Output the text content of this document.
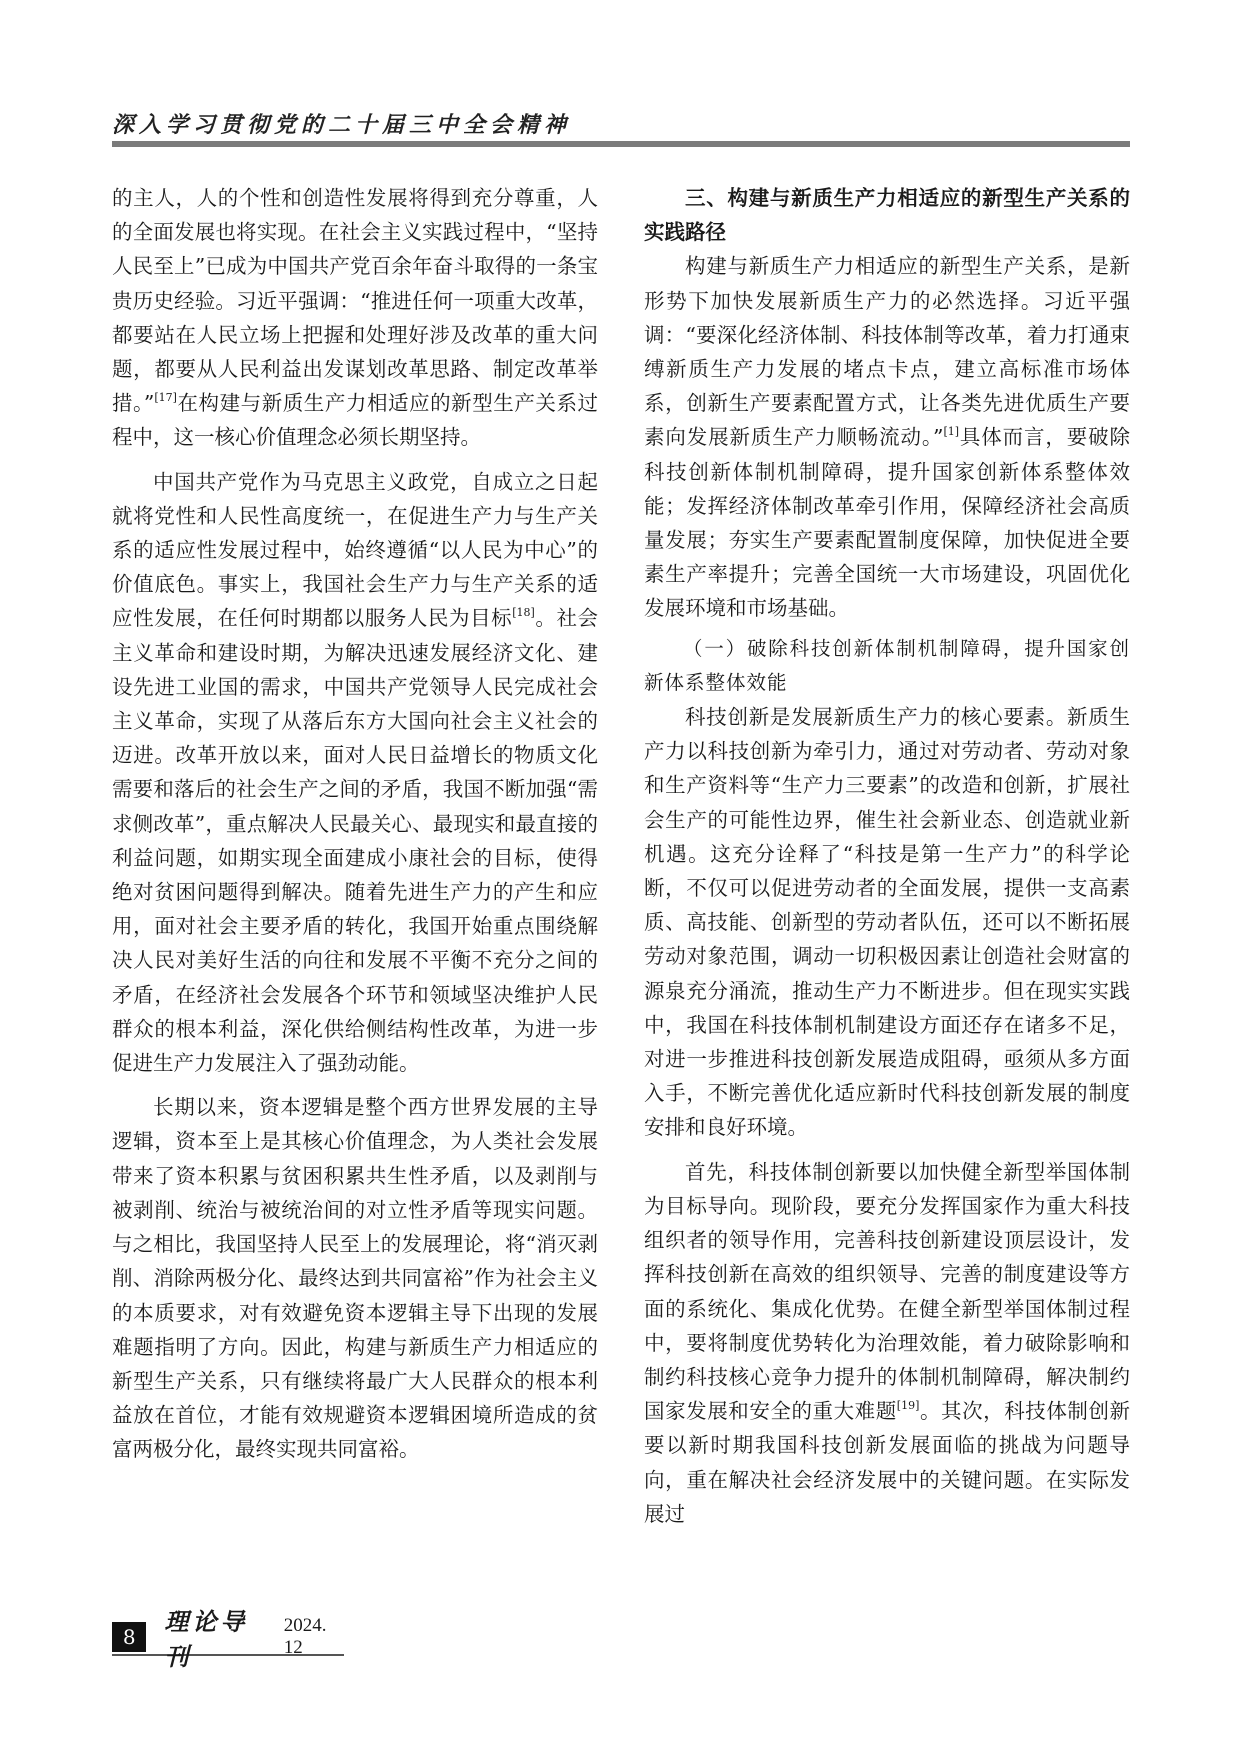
深入学习贯彻党的二十届三中全会精神

的主人，人的个性和创造性发展将得到充分尊重，人的全面发展也将实现。在社会主义实践过程中，“坚持人民至上”已成为中国共产党百余年奋斗取得的一条宝贵历史经验。习近平强调：“推进任何一项重大改革，都要站在人民立场上把握和处理好涉及改革的重大问题，都要从人民利益出发谋划改革思路、制定改革举措。”[17]在构建与新质生产力相适应的新型生产关系过程中，这一核心价值理念必须长期坚持。

中国共产党作为马克思主义政党，自成立之日起就将党性和人民性高度统一，在促进生产力与生产关系的适应性发展过程中，始终遵循“以人民为中心”的价值底色。事实上，我国社会生产力与生产关系的适应性发展，在任何时期都以服务人民为目标[18]。社会主义革命和建设时期，为解决迅速发展经济文化、建设先进工业国的需求，中国共产党领导人民完成社会主义革命，实现了从落后东方大国向社会主义社会的迈进。改革开放以来，面对人民日益增长的物质文化需要和落后的社会生产之间的矛盾，我国不断加强“需求侧改革”，重点解决人民最关心、最现实和最直接的利益问题，如期实现全面建成小康社会的目标，使得绝对贫困问题得到解决。随着先进生产力的产生和应用，面对社会主要矛盾的转化，我国开始重点围绕解决人民对美好生活的向往和发展不平衡不充分之间的矛盾，在经济社会发展各个环节和领域坚决维护人民群众的根本利益，深化供给侧结构性改革，为进一步促进生产力发展注入了强劲动能。

长期以来，资本逻辑是整个西方世界发展的主导逻辑，资本至上是其核心价值理念，为人类社会发展带来了资本积累与贫困积累共生性矛盾，以及剥削与被剥削、统治与被统治间的对立性矛盾等现实问题。与之相比，我国坚持人民至上的发展理论，将“消灭剥削、消除两极分化、最终达到共同富裕”作为社会主义的本质要求，对有效避免资本逻辑主导下出现的发展难题指明了方向。因此，构建与新质生产力相适应的新型生产关系，只有继续将最广大人民群众的根本利益放在首位，才能有效规避资本逻辑困境所造成的贫富两极分化，最终实现共同富裕。

三、构建与新质生产力相适应的新型生产关系的实践路径

构建与新质生产力相适应的新型生产关系，是新形势下加快发展新质生产力的必然选择。习近平强调：“要深化经济体制、科技体制等改革，着力打通束缚新质生产力发展的堵点卡点，建立高标准市场体系，创新生产要素配置方式，让各类先进优质生产要素向发展新质生产力顺畅流动。”[1]具体而言，要破除科技创新体制机制障碍，提升国家创新体系整体效能；发挥经济体制改革牵引作用，保障经济社会高质量发展；夯实生产要素配置制度保障，加快促进全要素生产率提升；完善全国统一大市场建设，巩固优化发展环境和市场基础。

（一）破除科技创新体制机制障碍，提升国家创新体系整体效能

科技创新是发展新质生产力的核心要素。新质生产力以科技创新为牵引力，通过对劳动者、劳动对象和生产资料等“生产力三要素”的改造和创新，扩展社会生产的可能性边界，催生社会新业态、创造就业新机遇。这充分诠释了“科技是第一生产力”的科学论断，不仅可以促进劳动者的全面发展，提供一支高素质、高技能、创新型的劳动者队伍，还可以不断拓展劳动对象范围，调动一切积极因素让创造社会财富的源泉充分涌流，推动生产力不断进步。但在现实实践中，我国在科技体制机制建设方面还存在诸多不足，对进一步推进科技创新发展造成阻碍，亟须从多方面入手，不断完善优化适应新时代科技创新发展的制度安排和良好环境。

首先，科技体制创新要以加快健全新型举国体制为目标导向。现阶段，要充分发挥国家作为重大科技组织者的领导作用，完善科技创新建设顶层设计，发挥科技创新在高效的组织领导、完善的制度建设等方面的系统化、集成化优势。在健全新型举国体制过程中，要将制度优势转化为治理效能，着力破除影响和制约科技核心竞争力提升的体制机制障碍，解决制约国家发展和安全的重大难题[19]。其次，科技体制创新要以新时期我国科技创新发展面临的挑战为问题导向，重在解决社会经济发展中的关键问题。在实际发展过

8
理论导刊
2024. 12
